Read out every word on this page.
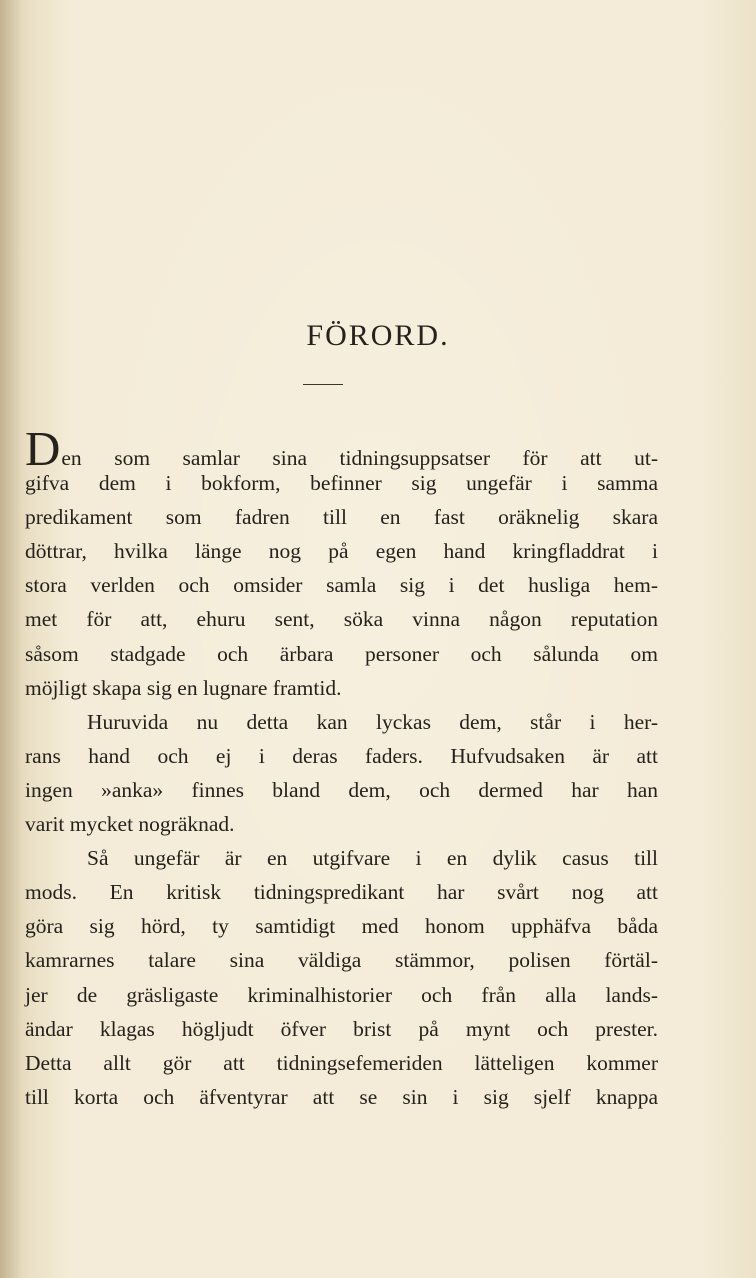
FÖRORD.
Den som samlar sina tidningsuppsatser för att ut-
gifva dem i bokform, befinner sig ungefär i samma
predikament som fadren till en fast oräknelig skara
döttrar, hvilka länge nog på egen hand kringfladdrat i
stora verlden och omsider samla sig i det husliga hem-
met för att, ehuru sent, söka vinna någon reputation
såsom stadgade och ärbara personer och sålunda om
möjligt skapa sig en lugnare framtid.
Huruvida nu detta kan lyckas dem, står i her-
rans hand och ej i deras faders. Hufvudsaken är att
ingen »anka» finnes bland dem, och dermed har han
varit mycket nogräknad.
Så ungefär är en utgifvare i en dylik casus till
mods. En kritisk tidningspredikant har svårt nog att
göra sig hörd, ty samtidigt med honom upphäfva båda
kamrarnes talare sina väldiga stämmor, polisen förtäl-
jer de gräsligaste kriminalhistorier och från alla lands-
ändar klagas högljudt öfver brist på mynt och prester.
Detta allt gör att tidningsefemeriden lätteligen kommer
till korta och äfventyrar att se sin i sig sjelf knappa
